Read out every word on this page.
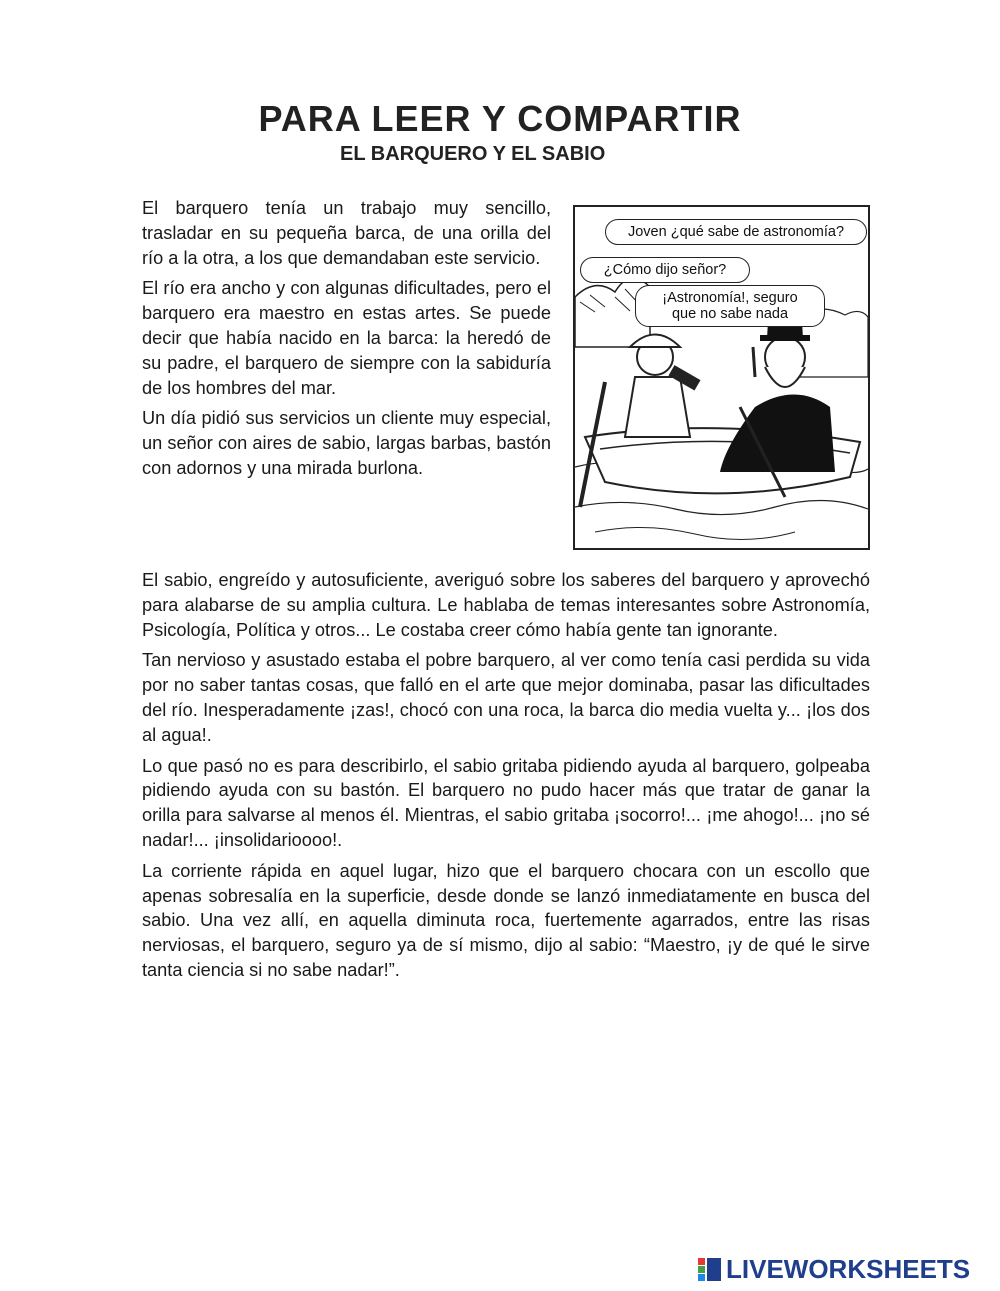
PARA LEER Y COMPARTIR
EL BARQUERO Y EL SABIO

El barquero tenía un trabajo muy sencillo, trasladar en su pequeña barca, de una orilla del río a la otra, a los que demandaban este servicio.

El río era ancho y con algunas dificultades, pero el barquero era maestro en estas artes. Se puede decir que había nacido en la barca: la heredó de su padre, el barquero de siempre con la sabiduría de los hombres del mar.

Un día pidió sus servicios un cliente muy especial, un señor con aires de sabio, largas barbas, bastón con adornos y una mirada burlona.

Joven ¿qué sabe de astronomía?
¿Cómo dijo señor?
¡Astronomía!, seguro
que no sabe nada

El sabio, engreído y autosuficiente, averiguó sobre los saberes del barquero y aprovechó para alabarse de su amplia cultura. Le hablaba de temas interesantes sobre Astronomía, Psicología, Política y otros... Le costaba creer cómo había gente tan ignorante.

Tan nervioso y asustado estaba el pobre barquero, al ver como tenía casi perdida su vida por no saber tantas cosas, que falló en el arte que mejor dominaba, pasar las dificultades del río. Inesperadamente ¡zas!, chocó con una roca, la barca dio media vuelta y... ¡los dos al agua!.

Lo que pasó no es para describirlo, el sabio gritaba pidiendo ayuda al barquero, golpeaba pidiendo ayuda con su bastón. El barquero no pudo hacer más que tratar de ganar la orilla para salvarse al menos él. Mientras, el sabio gritaba ¡socorro!... ¡me ahogo!... ¡no sé nadar!... ¡insolidarioooo!.

La corriente rápida en aquel lugar, hizo que el barquero chocara con un escollo que apenas sobresalía en la superficie, desde donde se lanzó inmediatamente en busca del sabio. Una vez allí, en aquella diminuta roca, fuertemente agarrados, entre las risas nerviosas, el barquero, seguro ya de sí mismo, dijo al sabio: “Maestro, ¡y de qué le sirve tanta ciencia si no sabe nadar!”.

LIVEWORKSHEETS
